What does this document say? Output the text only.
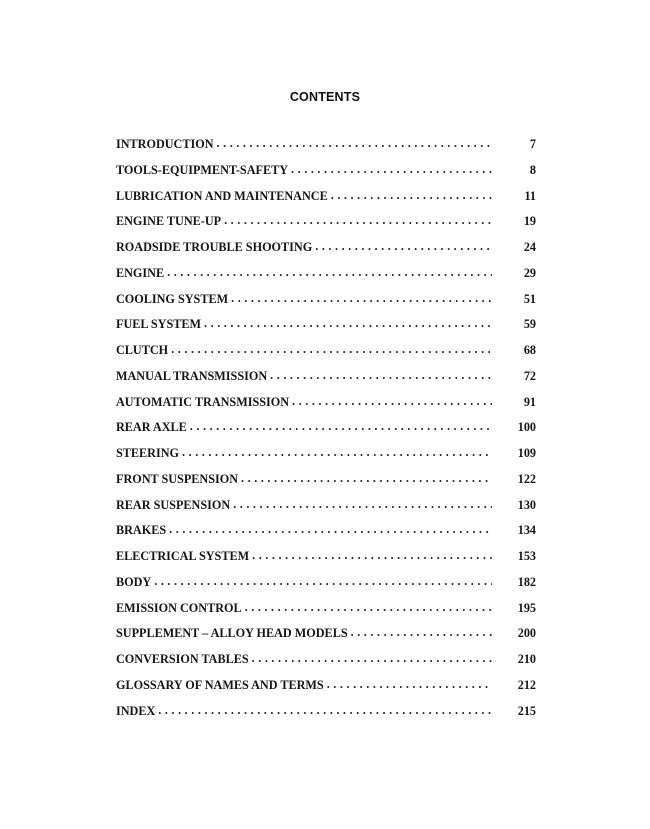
CONTENTS
INTRODUCTION . . .	7
TOOLS-EQUIPMENT-SAFETY . . .	8
LUBRICATION AND MAINTENANCE . . .	11
ENGINE TUNE-UP . . .	19
ROADSIDE TROUBLE SHOOTING . . .	24
ENGINE . . .	29
COOLING SYSTEM . . .	51
FUEL SYSTEM . . .	59
CLUTCH . . .	68
MANUAL TRANSMISSION . . .	72
AUTOMATIC TRANSMISSION . . .	91
REAR AXLE . . .	100
STEERING . . .	109
FRONT SUSPENSION . . .	122
REAR SUSPENSION . . .	130
BRAKES . . .	134
ELECTRICAL SYSTEM . . .	153
BODY . . .	182
EMISSION CONTROL . . .	195
SUPPLEMENT – ALLOY HEAD MODELS . . .	200
CONVERSION TABLES . . .	210
GLOSSARY OF NAMES AND TERMS . . .	212
INDEX . . .	215
